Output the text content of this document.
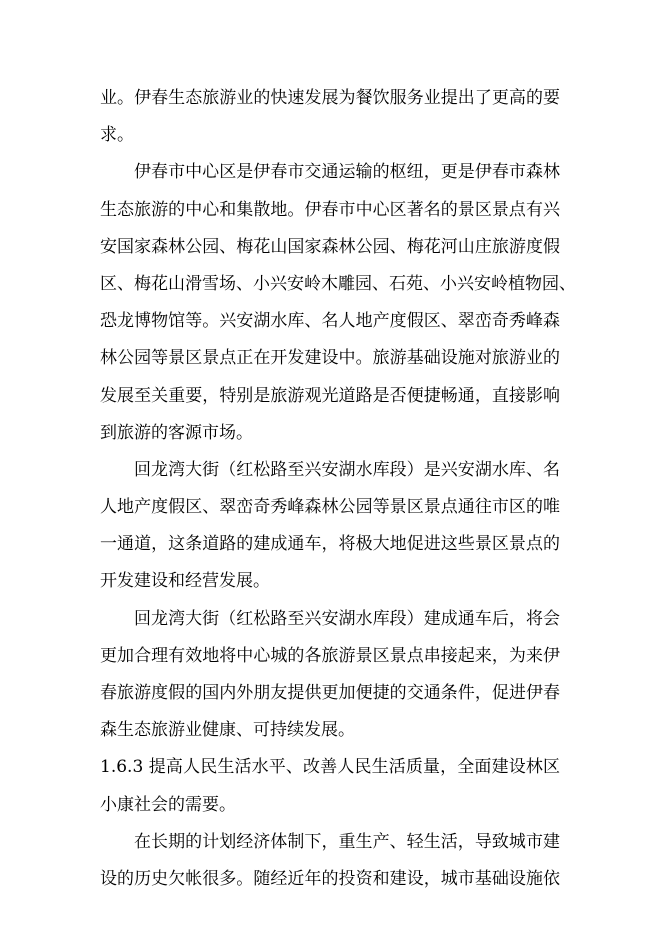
业。伊春生态旅游业的快速发展为餐饮服务业提出了更高的要
求。
伊春市中心区是伊春市交通运输的枢纽，更是伊春市森林
生态旅游的中心和集散地。伊春市中心区著名的景区景点有兴
安国家森林公园、梅花山国家森林公园、梅花河山庄旅游度假
区、梅花山滑雪场、小兴安岭木雕园、石苑、小兴安岭植物园、
恐龙博物馆等。兴安湖水库、名人地产度假区、翠峦奇秀峰森
林公园等景区景点正在开发建设中。旅游基础设施对旅游业的
发展至关重要，特别是旅游观光道路是否便捷畅通，直接影响
到旅游的客源市场。
回龙湾大街（红松路至兴安湖水库段）是兴安湖水库、名
人地产度假区、翠峦奇秀峰森林公园等景区景点通往市区的唯
一通道，这条道路的建成通车，将极大地促进这些景区景点的
开发建设和经营发展。
回龙湾大街（红松路至兴安湖水库段）建成通车后，将会
更加合理有效地将中心城的各旅游景区景点串接起来，为来伊
春旅游度假的国内外朋友提供更加便捷的交通条件，促进伊春
森生态旅游业健康、可持续发展。
1.6.3 提高人民生活水平、改善人民生活质量，全面建设林区
小康社会的需要。
在长期的计划经济体制下，重生产、轻生活，导致城市建
设的历史欠帐很多。随经近年的投资和建设，城市基础设施依
